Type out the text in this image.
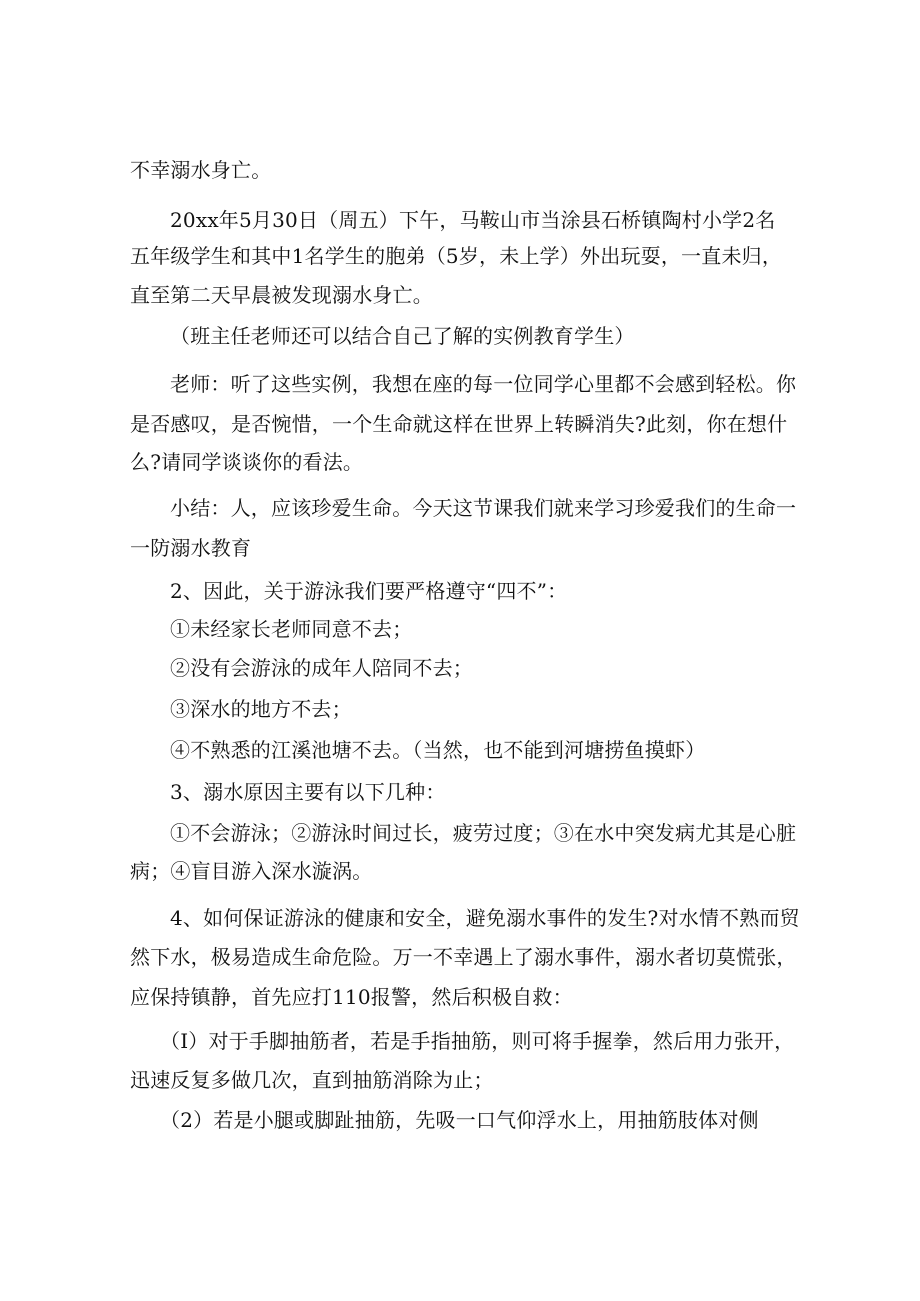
不幸溺水身亡。
20xx年5月30日（周五）下午，马鞍山市当涂县石桥镇陶村小学2名
五年级学生和其中1名学生的胞弟（5岁，未上学）外出玩耍，一直未归，
直至第二天早晨被发现溺水身亡。
（班主任老师还可以结合自己了解的实例教育学生）
老师：听了这些实例，我想在座的每一位同学心里都不会感到轻松。你
是否感叹，是否惋惜，一个生命就这样在世界上转瞬消失?此刻，你在想什
么?请同学谈谈你的看法。
小结：人，应该珍爱生命。今天这节课我们就来学习珍爱我们的生命一
一防溺水教育
2、因此，关于游泳我们要严格遵守“四不”：
①未经家长老师同意不去；
②没有会游泳的成年人陪同不去；
③深水的地方不去；
④不熟悉的江溪池塘不去。（当然，也不能到河塘捞鱼摸虾）
3、溺水原因主要有以下几种：
①不会游泳；②游泳时间过长，疲劳过度；③在水中突发病尤其是心脏
病；④盲目游入深水漩涡。
4、如何保证游泳的健康和安全，避免溺水事件的发生?对水情不熟而贸
然下水，极易造成生命危险。万一不幸遇上了溺水事件，溺水者切莫慌张，
应保持镇静，首先应打110报警，然后积极自救：
（I）对于手脚抽筋者，若是手指抽筋，则可将手握拳，然后用力张开，
迅速反复多做几次，直到抽筋消除为止；
（2）若是小腿或脚趾抽筋，先吸一口气仰浮水上，用抽筋肢体对侧
